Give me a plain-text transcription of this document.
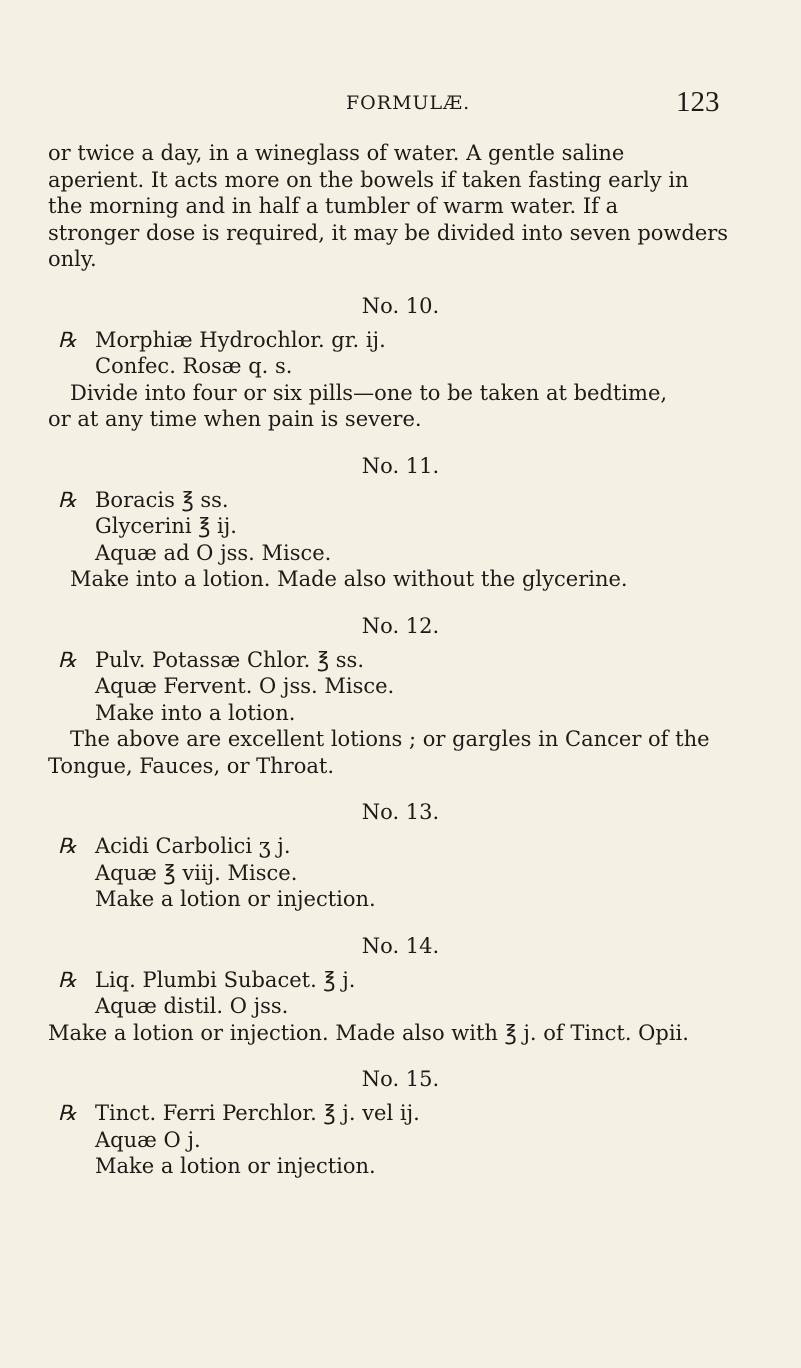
FORMULÆ.	123

or twice a day, in a wineglass of water. A gentle saline

aperient. It acts more on the bowels if taken fasting early in

the morning and in half a tumbler of warm water. If a

stronger dose is required, it may be divided into seven powders

only.

No. 10.
℞ Morphiæ Hydrochlor. gr. ij.
Confec. Rosæ q. s.

Divide into four or six pills—one to be taken at bedtime,

or at any time when pain is severe.

No. 11.
℞ Boracis ℥ ss.
Glycerini ℥ ij.
Aquæ ad O jss. Misce.

Make into a lotion. Made also without the glycerine.

No. 12.
℞ Pulv. Potassæ Chlor. ℥ ss.
Aquæ Fervent. O jss. Misce.
Make into a lotion.

The above are excellent lotions ; or gargles in Cancer of the

Tongue, Fauces, or Throat.

No. 13.
℞ Acidi Carbolici ʒ j.
Aquæ ℥ viij. Misce.
Make a lotion or injection.
No. 14.
℞ Liq. Plumbi Subacet. ℥ j.
Aquæ distil. O jss.

Make a lotion or injection. Made also with ℥ j. of Tinct. Opii.

No. 15.
℞ Tinct. Ferri Perchlor. ℥ j. vel ij.
Aquæ O j.
Make a lotion or injection.
